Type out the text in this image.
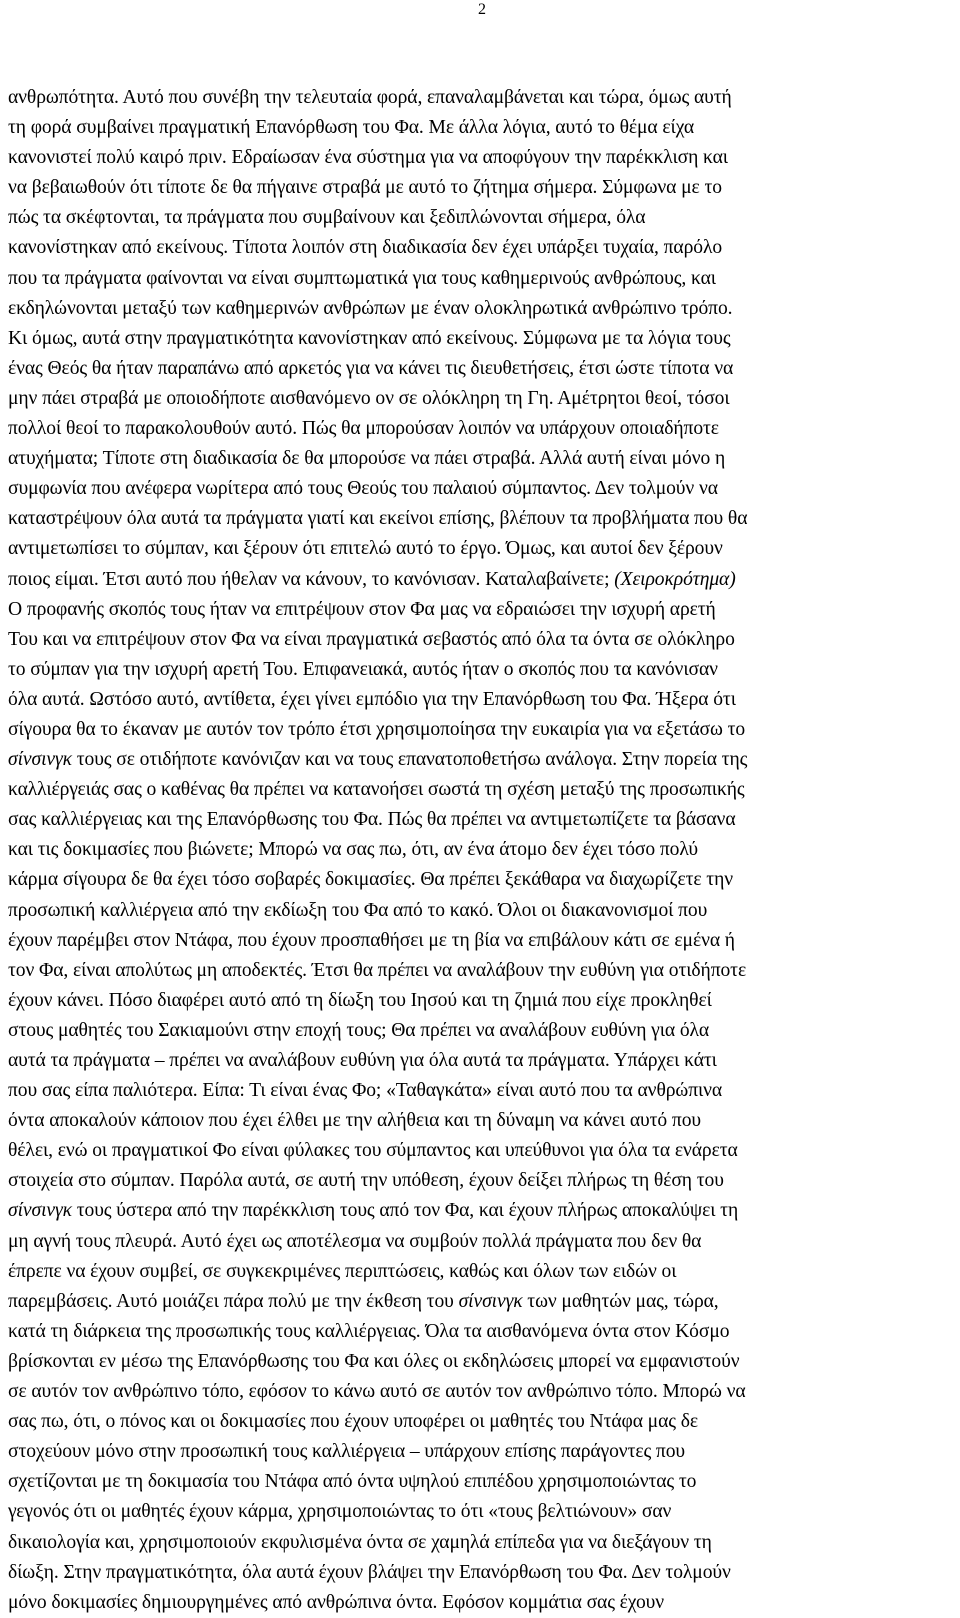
2
ανθρωπότητα. Αυτό που συνέβη την τελευταία φορά, επαναλαμβάνεται και τώρα, όμως αυτή
τη φορά συμβαίνει πραγματική Επανόρθωση του Φα. Με άλλα λόγια, αυτό το θέμα είχα
κανονιστεί πολύ καιρό πριν. Εδραίωσαν ένα σύστημα για να αποφύγουν την παρέκκλιση και
να βεβαιωθούν ότι τίποτε δε θα πήγαινε στραβά με αυτό το ζήτημα σήμερα. Σύμφωνα με το
πώς τα σκέφτονται, τα πράγματα που συμβαίνουν και ξεδιπλώνονται σήμερα, όλα
κανονίστηκαν από εκείνους. Τίποτα λοιπόν στη διαδικασία δεν έχει υπάρξει τυχαία, παρόλο
που τα πράγματα φαίνονται να είναι συμπτωματικά για τους καθημερινούς ανθρώπους, και
εκδηλώνονται μεταξύ των καθημερινών ανθρώπων με έναν ολοκληρωτικά ανθρώπινο τρόπο.
Κι όμως, αυτά στην πραγματικότητα κανονίστηκαν από εκείνους. Σύμφωνα με τα λόγια τους
ένας Θεός θα ήταν παραπάνω από αρκετός για να κάνει τις διευθετήσεις, έτσι ώστε τίποτα να
μην πάει στραβά με οποιοδήποτε αισθανόμενο ον σε ολόκληρη τη Γη. Αμέτρητοι θεοί, τόσοι
πολλοί θεοί το παρακολουθούν αυτό. Πώς θα μπορούσαν λοιπόν να υπάρχουν οποιαδήποτε
ατυχήματα; Τίποτε στη διαδικασία δε θα μπορούσε να πάει στραβά. Αλλά αυτή είναι μόνο η
συμφωνία που ανέφερα νωρίτερα από τους Θεούς του παλαιού σύμπαντος. Δεν τολμούν να
καταστρέψουν όλα αυτά τα πράγματα γιατί και εκείνοι επίσης, βλέπουν τα προβλήματα που θα
αντιμετωπίσει το σύμπαν, και ξέρουν ότι επιτελώ αυτό το έργο. Όμως, και αυτοί δεν ξέρουν
ποιος είμαι. Έτσι αυτό που ήθελαν να κάνουν, το κανόνισαν. Καταλαβαίνετε; (Χειροκρότημα)
Ο προφανής σκοπός τους ήταν να επιτρέψουν στον Φα μας να εδραιώσει την ισχυρή αρετή
Του και να επιτρέψουν στον Φα να είναι πραγματικά σεβαστός από όλα τα όντα σε ολόκληρο
το σύμπαν για την ισχυρή αρετή Του. Επιφανειακά, αυτός ήταν ο σκοπός που τα κανόνισαν
όλα αυτά. Ωστόσο αυτό, αντίθετα, έχει γίνει εμπόδιο για την Επανόρθωση του Φα. Ήξερα ότι
σίγουρα θα το έκαναν με αυτόν τον τρόπο έτσι χρησιμοποίησα την ευκαιρία για να εξετάσω το
σίνσινγκ τους σε οτιδήποτε κανόνιζαν και να τους επανατοποθετήσω ανάλογα. Στην πορεία της
καλλιέργειάς σας ο καθένας θα πρέπει να κατανοήσει σωστά τη σχέση μεταξύ της προσωπικής
σας καλλιέργειας και της Επανόρθωσης του Φα. Πώς θα πρέπει να αντιμετωπίζετε τα βάσανα
και τις δοκιμασίες που βιώνετε; Μπορώ να σας πω, ότι, αν ένα άτομο δεν έχει τόσο πολύ
κάρμα σίγουρα δε θα έχει τόσο σοβαρές δοκιμασίες. Θα πρέπει ξεκάθαρα να διαχωρίζετε την
προσωπική καλλιέργεια από την εκδίωξη του Φα από το κακό. Όλοι οι διακανονισμοί που
έχουν παρέμβει στον Ντάφα, που έχουν προσπαθήσει με τη βία να επιβάλουν κάτι σε εμένα ή
τον Φα, είναι απολύτως μη αποδεκτές. Έτσι θα πρέπει να αναλάβουν την ευθύνη για οτιδήποτε
έχουν κάνει. Πόσο διαφέρει αυτό από τη δίωξη του Ιησού και τη ζημιά που είχε προκληθεί
στους μαθητές του Σακιαμούνι στην εποχή τους; Θα πρέπει να αναλάβουν ευθύνη για όλα
αυτά τα πράγματα – πρέπει να αναλάβουν ευθύνη για όλα αυτά τα πράγματα. Υπάρχει κάτι
που σας είπα παλιότερα. Είπα: Τι είναι ένας Φο; «Ταθαγκάτα» είναι αυτό που τα ανθρώπινα
όντα αποκαλούν κάποιον που έχει έλθει με την αλήθεια και τη δύναμη να κάνει αυτό που
θέλει, ενώ οι πραγματικοί Φο είναι φύλακες του σύμπαντος και υπεύθυνοι για όλα τα ενάρετα
στοιχεία στο σύμπαν. Παρόλα αυτά, σε αυτή την υπόθεση, έχουν δείξει πλήρως τη θέση του
σίνσινγκ τους ύστερα από την παρέκκλιση τους από τον Φα, και έχουν πλήρως αποκαλύψει τη
μη αγνή τους πλευρά. Αυτό έχει ως αποτέλεσμα να συμβούν πολλά πράγματα που δεν θα
έπρεπε να έχουν συμβεί, σε συγκεκριμένες περιπτώσεις, καθώς και όλων των ειδών οι
παρεμβάσεις. Αυτό μοιάζει πάρα πολύ με την έκθεση του σίνσινγκ των μαθητών μας, τώρα,
κατά τη διάρκεια της προσωπικής τους καλλιέργειας. Όλα τα αισθανόμενα όντα στον Κόσμο
βρίσκονται εν μέσω της Επανόρθωσης του Φα και όλες οι εκδηλώσεις μπορεί να εμφανιστούν
σε αυτόν τον ανθρώπινο τόπο, εφόσον το κάνω αυτό σε αυτόν τον ανθρώπινο τόπο. Μπορώ να
σας πω, ότι, ο πόνος και οι δοκιμασίες που έχουν υποφέρει οι μαθητές του Ντάφα μας δε
στοχεύουν μόνο στην προσωπική τους καλλιέργεια – υπάρχουν επίσης παράγοντες που
σχετίζονται με τη δοκιμασία του Ντάφα από όντα υψηλού επιπέδου χρησιμοποιώντας το
γεγονός ότι οι μαθητές έχουν κάρμα, χρησιμοποιώντας το ότι «τους βελτιώνουν» σαν
δικαιολογία και, χρησιμοποιούν εκφυλισμένα όντα σε χαμηλά επίπεδα για να διεξάγουν τη
δίωξη. Στην πραγματικότητα, όλα αυτά έχουν βλάψει την Επανόρθωση του Φα. Δεν τολμούν
μόνο δοκιμασίες δημιουργημένες από ανθρώπινα όντα. Εφόσον κομμάτια σας έχουν
